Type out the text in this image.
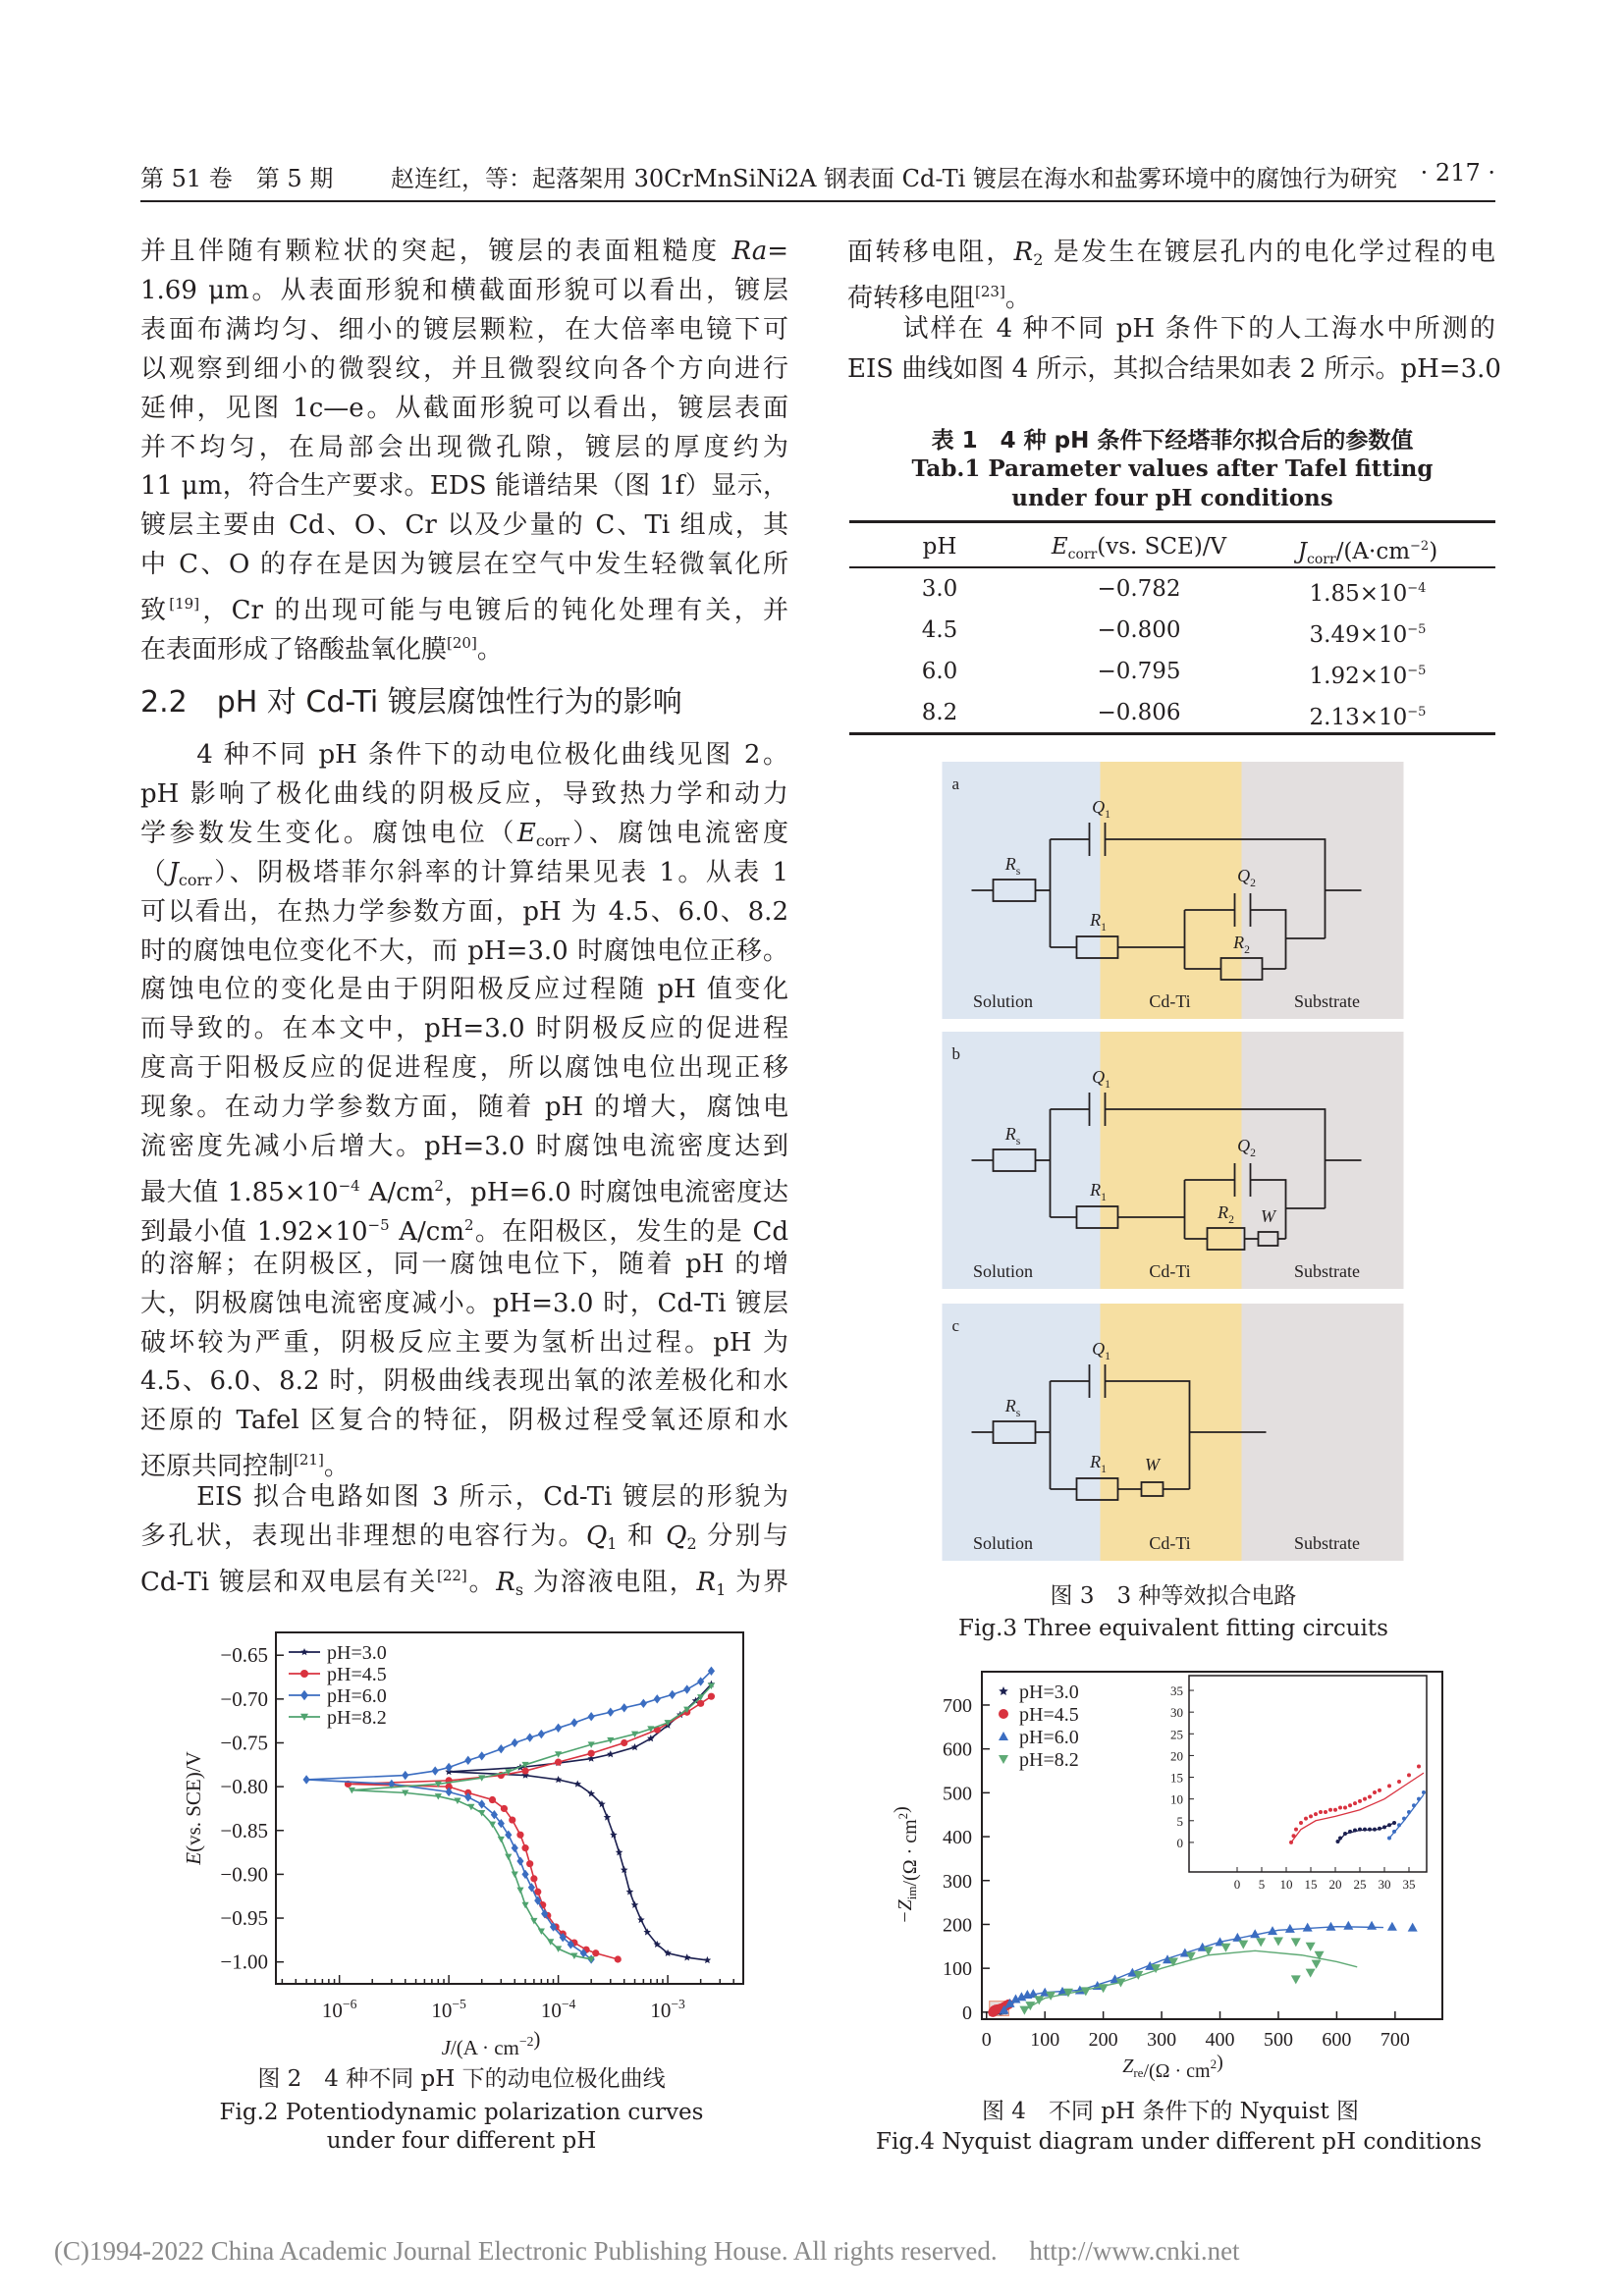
第 51 卷　第 5 期 赵连红，等：起落架用 30CrMnSiNi2A 钢表面 Cd-Ti 镀层在海水和盐雾环境中的腐蚀行为研究 · 217 ·
并且伴随有颗粒状的突起，镀层的表面粗糙度 Ra=
1.69 μm。从表面形貌和横截面形貌可以看出，镀层
表面布满均匀、细小的镀层颗粒，在大倍率电镜下可
以观察到细小的微裂纹，并且微裂纹向各个方向进行
延伸，见图 1c—e。从截面形貌可以看出，镀层表面
并不均匀，在局部会出现微孔隙，镀层的厚度约为
11 μm，符合生产要求。EDS 能谱结果（图 1f）显示，
镀层主要由 Cd、O、Cr 以及少量的 C、Ti 组成，其
中 C、O 的存在是因为镀层在空气中发生轻微氧化所
致[19]，Cr 的出现可能与电镀后的钝化处理有关，并
在表面形成了铬酸盐氧化膜[20]。
2.2　pH 对 Cd-Ti 镀层腐蚀性行为的影响
　　4 种不同 pH 条件下的动电位极化曲线见图 2。
pH 影响了极化曲线的阴极反应，导致热力学和动力
学参数发生变化。腐蚀电位$(E_{corr})$、腐蚀电流密度
$(J_{corr})$、阴极塔菲尔斜率的计算结果见表 1。从表 1
可以看出，在热力学参数方面，pH 为 4.5、6.0、8.2
时的腐蚀电位变化不大，而 pH=3.0 时腐蚀电位正移。
腐蚀电位的变化是由于阴阳极反应过程随 pH 值变化
而导致的。在本文中，pH=3.0 时阴极反应的促进程
度高于阳极反应的促进程度，所以腐蚀电位出现正移
现象。在动力学参数方面，随着 pH 的增大，腐蚀电
流密度先减小后增大。pH=3.0 时腐蚀电流密度达到
最大值 $1.85\times 10^{-4}$ $A/cm^2$，pH=6.0 时腐蚀电流密度达
到最小值 $1.92\times 10^{-5}$ $A/cm^2$。在阳极区，发生的是 Cd
的溶解；在阴极区，同一腐蚀电位下，随着 pH 的增
大，阴极腐蚀电流密度减小。pH=3.0 时，Cd-Ti 镀层
破坏较为严重，阴极反应主要为氢析出过程。pH 为
4.5、6.0、8.2 时，阴极曲线表现出氧的浓差极化和水
还原的 Tafel 区复合的特征，阴极过程受氧还原和水
还原共同控制[21]。
　　EIS 拟合电路如图 3 所示，Cd-Ti 镀层的形貌为
多孔状，表现出非理想的电容行为。$Q_1$ 和 $Q_2$ 分别与
Cd-Ti 镀层和双电层有关[22]。$R_s$ 为溶液电阻，$R_1$ 为界
面转移电阻，$R_2$ 是发生在镀层孔内的电化学过程的电
荷转移电阻[23]。
　　试样在 4 种不同 pH 条件下的人工海水中所测的
EIS 曲线如图 4 所示，其拟合结果如表 2 所示。pH=3.0
表 1　4 种 pH 条件下经塔菲尔拟合后的参数值
Tab.1 Parameter values after Tafel fitting
under four pH conditions
pH	$E_{corr}(vs$. SCE)/V	$J_{corr}/(A\cdot cm^{-2})$
3.0	−0.782	$1.85\times 10^{-4}$
4.5	−0.800	$3.49\times 10^{-5}$
6.0	−0.795	$1.92\times 10^{-5}$
8.2	−0.806	$2.13\times 10^{-5}$
a
Solution	Cd-Ti	Substrate
$R_s$
$Q_1$
$R_1$
$Q_2$
$R_2$
b
Solution	Cd-Ti	Substrate
$R_s$
$Q_1$
$R_1$
$Q_2$
$R_2$ W
c
Solution	Cd-Ti	Substrate
$R_s$
$Q_1$
$R_1$ W
图 3　3 种等效拟合电路
Fig.3 Three equivalent fitting circuits
$10^{-6}$	$10^{-5}$	$10^{-4}$	$10^{-3}$
−0.65
−0.70
−0.75
−0.80
−0.85
−0.90
−0.95
−1.00
$J/(A \cdot cm^{-2})$
E(vs. SCE)/V
pH=3.0
pH=4.5
pH=6.0
pH=8.2
图 2　4 种不同 pH 下的动电位极化曲线
Fig.2 Potentiodynamic polarization curves
under four different pH
0 100 200 300 400 500 600 700
0
100
200
300
400
500
600
700
$Z_{re}/(\Omega \cdot cm^2)$
$-Z_{im}/(\Omega \cdot cm^2)$
pH=3.0
pH=4.5
pH=6.0
pH=8.2
0 5 10 15 20 25 30 35
0
5
10
15
20
25
30
35
图 4　不同 pH 条件下的 Nyquist 图
Fig.4 Nyquist diagram under different pH conditions
(C)1994-2022 China Academic Journal Electronic Publishing House. All rights reserved. http://www.cnki.net
